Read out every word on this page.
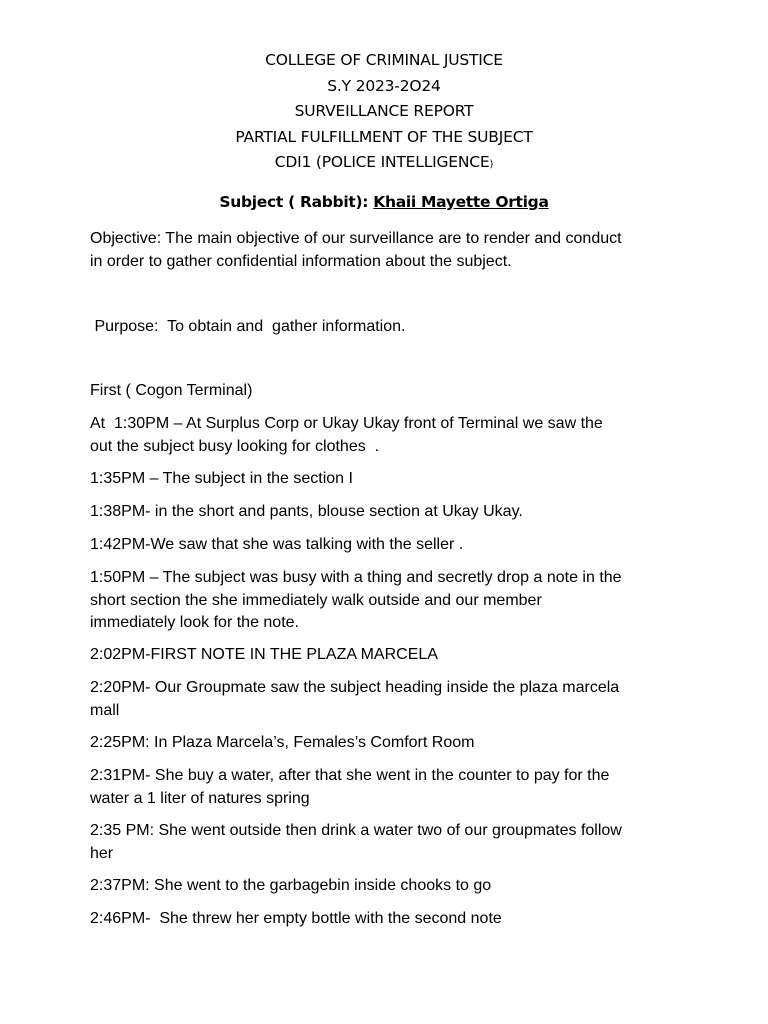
COLLEGE OF CRIMINAL JUSTICE
S.Y 2023-2O24
SURVEILLANCE REPORT
PARTIAL FULFILLMENT OF THE SUBJECT
CDI1 (POLICE INTELLIGENCE)
Subject ( Rabbit): Khaii Mayette Ortiga

Objective: The main objective of our surveillance are to render and conduct
in order to gather confidential information about the subject.

Purpose:  To obtain and  gather information.

First ( Cogon Terminal)

At  1:30PM – At Surplus Corp or Ukay Ukay front of Terminal we saw the
out the subject busy looking for clothes  .

1:35PM – The subject in the section I

1:38PM- in the short and pants, blouse section at Ukay Ukay.

1:42PM-We saw that she was talking with the seller .

1:50PM – The subject was busy with a thing and secretly drop a note in the
short section the she immediately walk outside and our member
immediately look for the note.

2:02PM-FIRST NOTE IN THE PLAZA MARCELA

2:20PM- Our Groupmate saw the subject heading inside the plaza marcela
mall

2:25PM: In Plaza Marcela’s, Females’s Comfort Room

2:31PM- She buy a water, after that she went in the counter to pay for the
water a 1 liter of natures spring

2:35 PM: She went outside then drink a water two of our groupmates follow
her

2:37PM: She went to the garbagebin inside chooks to go

2:46PM-  She threw her empty bottle with the second note
